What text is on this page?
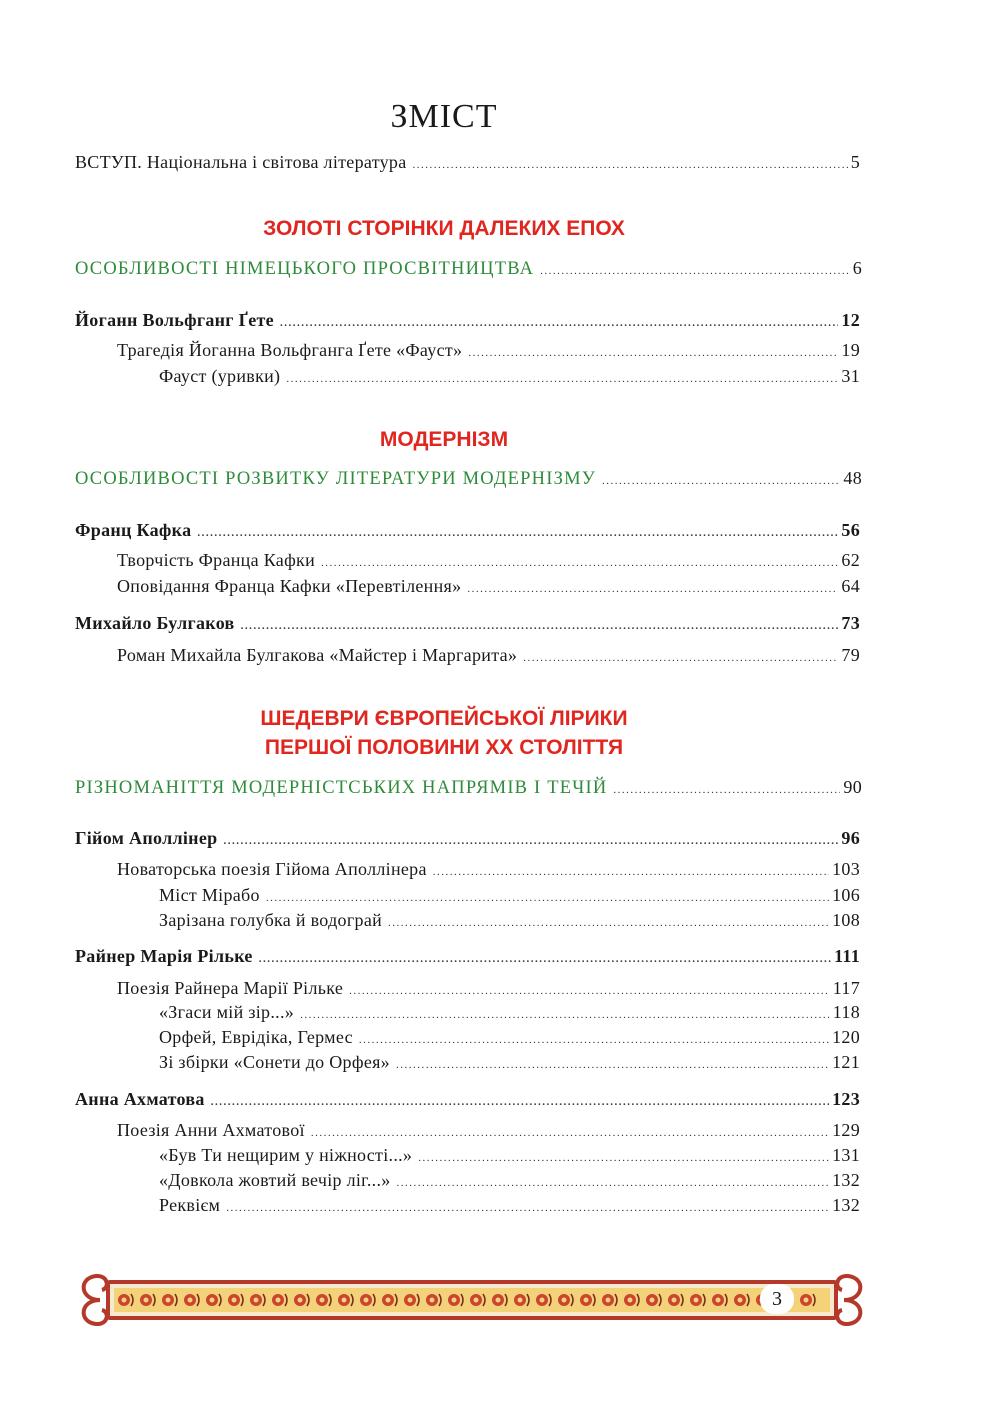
ЗМІСТ
ВСТУП. Національна і світова література .....	5
ЗОЛОТІ СТОРІНКИ ДАЛЕКИХ ЕПОХ
ОСОБЛИВОСТІ НІМЕЦЬКОГО ПРОСВІТНИЦТВА .....	6
Йоганн Вольфганг Ґете .....	12
Трагедія Йоганна Вольфганга Ґете «Фауст» .....	19
Фауст (уривки) .....	31
МОДЕРНІЗМ
ОСОБЛИВОСТІ РОЗВИТКУ ЛІТЕРАТУРИ МОДЕРНІЗМУ .....	48
Франц Кафка .....	56
Творчість Франца Кафки .....	62
Оповідання Франца Кафки «Перевтілення» .....	64
Михайло Булгаков .....	73
Роман Михайла Булгакова «Майстер і Маргарита» .....	79
ШЕДЕВРИ ЄВРОПЕЙСЬКОЇ ЛІРИКИ
ПЕРШОЇ ПОЛОВИНИ XX СТОЛІТТЯ
РІЗНОМАНІТТЯ МОДЕРНІСТСЬКИХ НАПРЯМІВ І ТЕЧІЙ .....	90
Гійом Аполлінер .....	96
Новаторська поезія Гійома Аполлінера .....	103
Міст Мірабо .....	106
Зарізана голубка й водограй .....	108
Райнер Марія Рільке .....	111
Поезія Райнера Марії Рільке .....	117
«Згаси мій зір...» .....	118
Орфей, Еврідіка, Гермес .....	120
Зі збірки «Сонети до Орфея» .....	121
Анна Ахматова .....	123
Поезія Анни Ахматової .....	129
«Був Ти нещирим у ніжності...» .....	131
«Довкола жовтий вечір ліг...» .....	132
Реквієм .....	132
3
